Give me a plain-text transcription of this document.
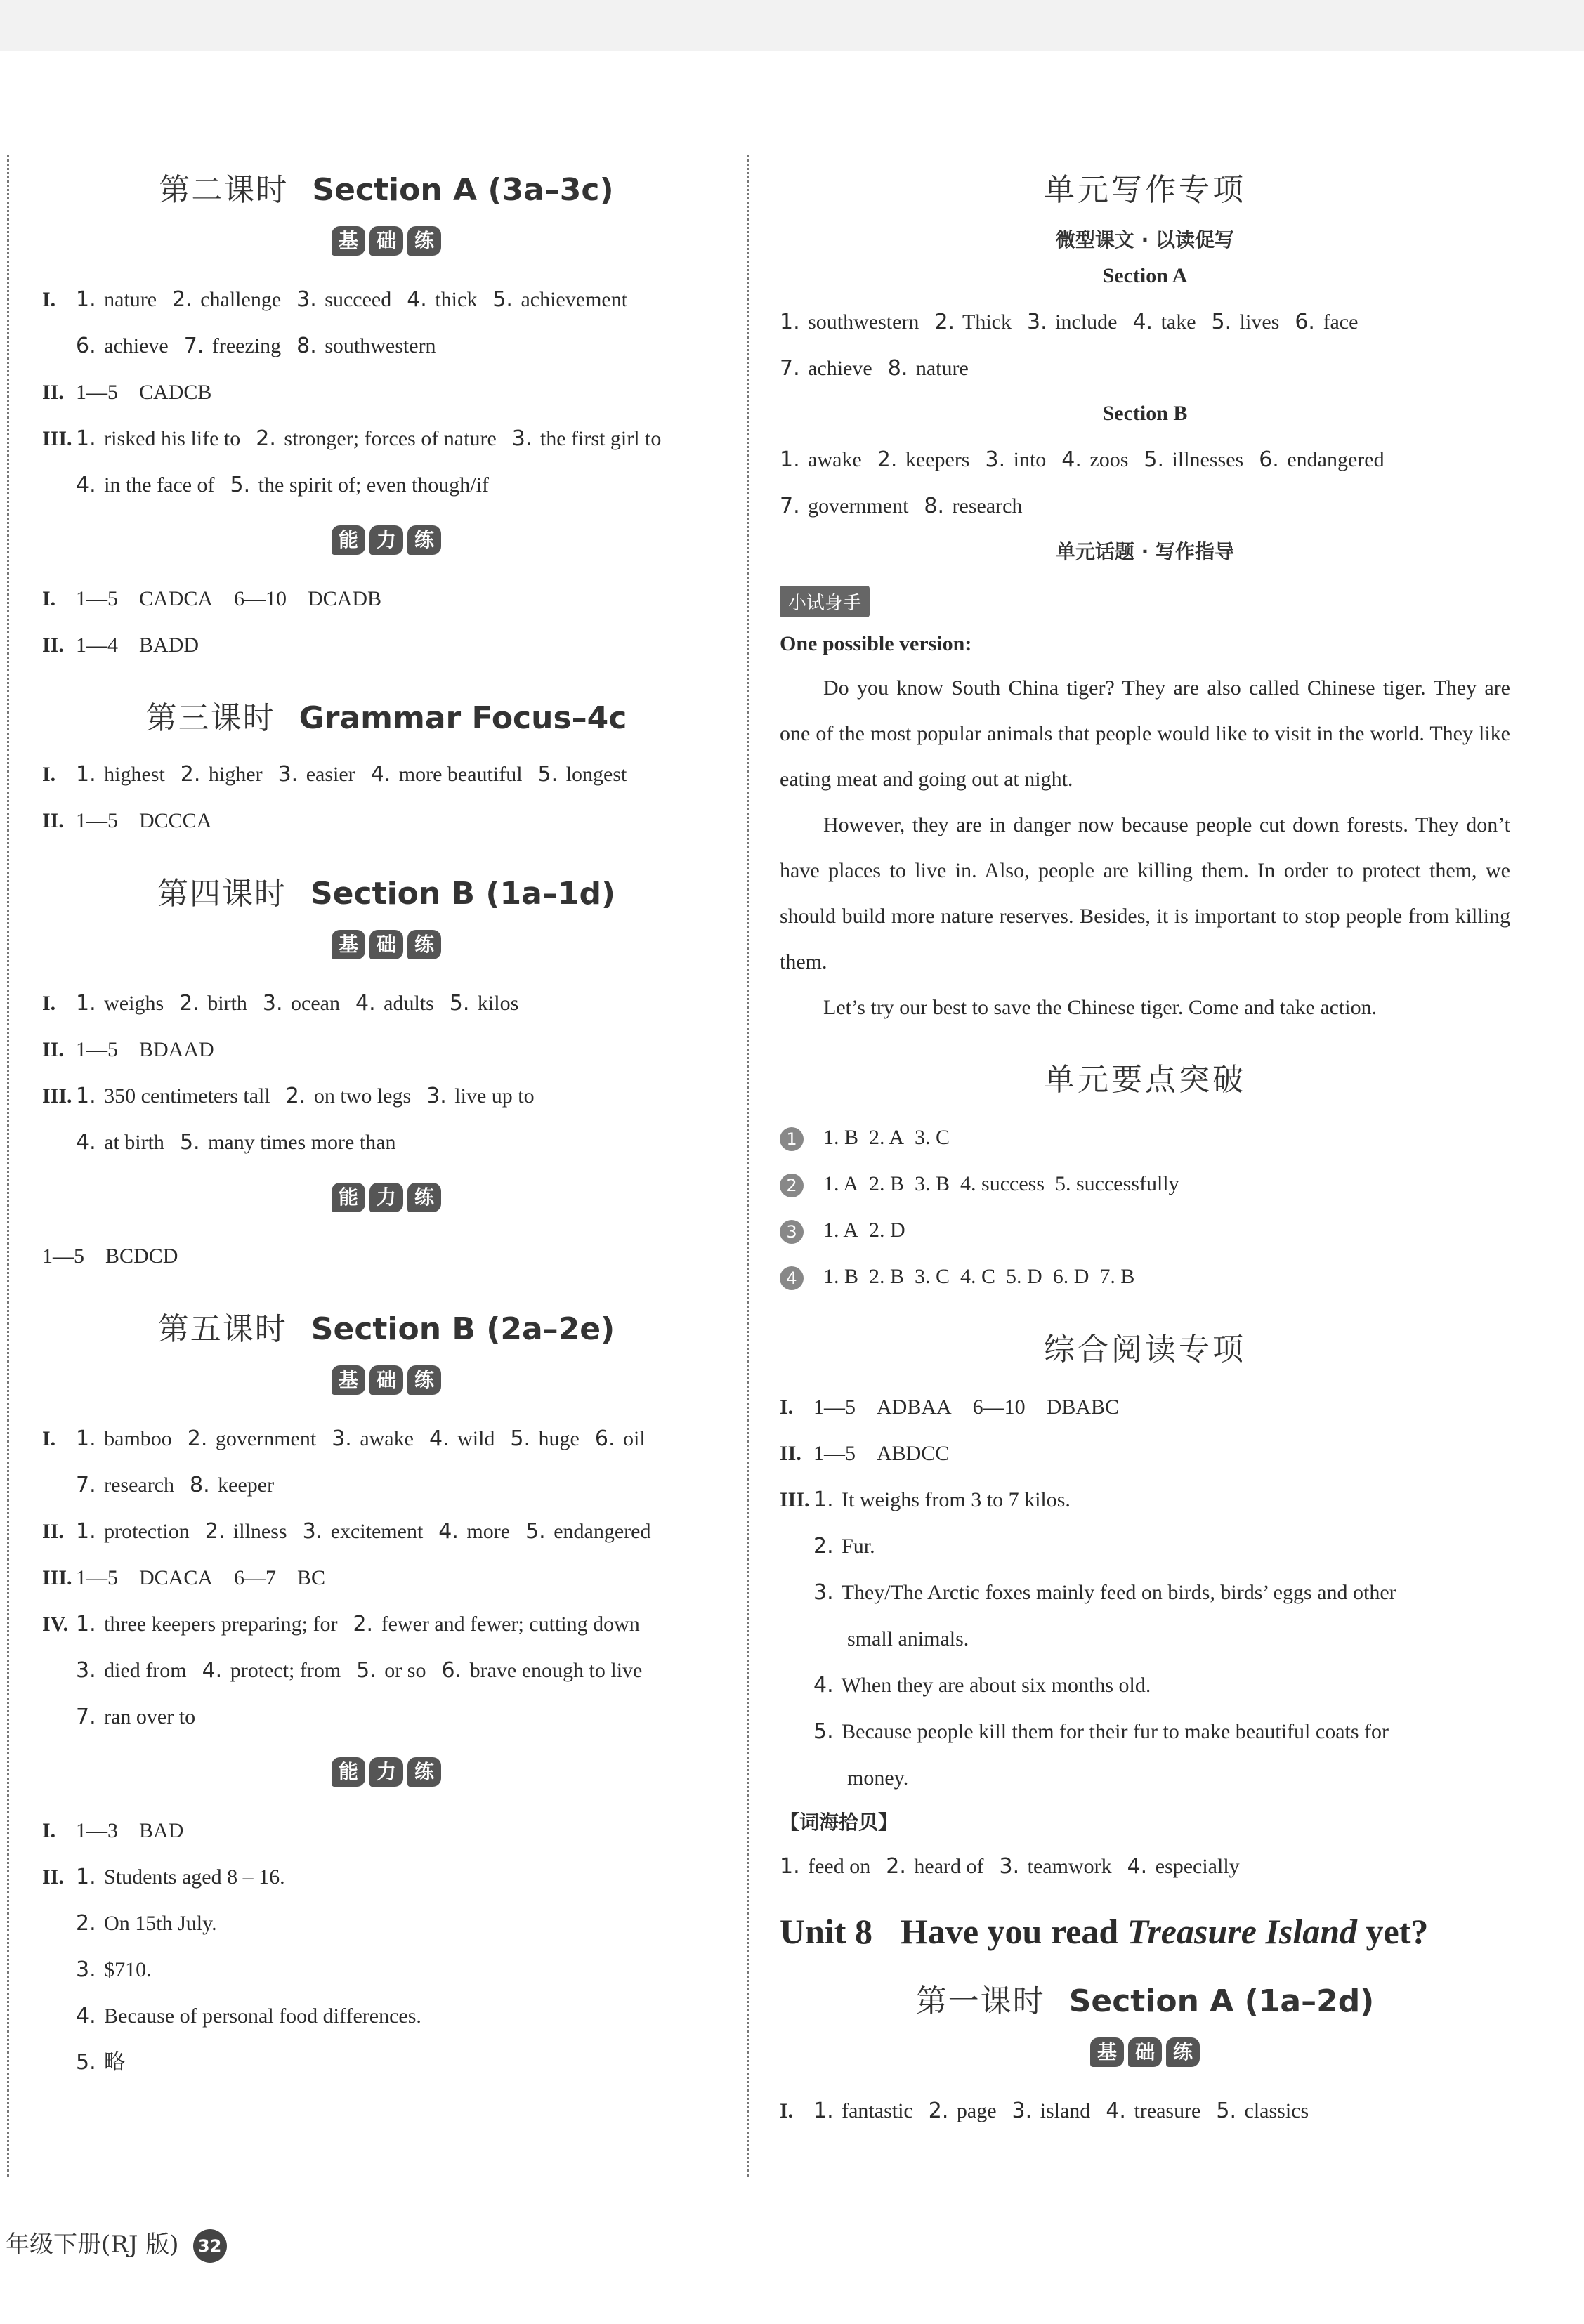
第二课时 Section A (3a–3c)
基 础 练
I. 1. nature 2. challenge 3. succeed 4. thick 5. achievement
6. achieve 7. freezing 8. southwestern
II. 1—5 CADCB
III. 1. risked his life to 2. stronger; forces of nature 3. the first girl to
4. in the face of 5. the spirit of; even though/if
能 力 练
I. 1—5 CADCA 6—10 DCADB
II. 1—4 BADD
第三课时 Grammar Focus–4c
I. 1. highest 2. higher 3. easier 4. more beautiful 5. longest
II. 1—5 DCCCA
第四课时 Section B (1a–1d)
基 础 练
I. 1. weighs 2. birth 3. ocean 4. adults 5. kilos
II. 1—5 BDAAD
III. 1. 350 centimeters tall 2. on two legs 3. live up to
4. at birth 5. many times more than
能 力 练
1—5 BCDCD
第五课时 Section B (2a–2e)
基 础 练
I. 1. bamboo 2. government 3. awake 4. wild 5. huge 6. oil
7. research 8. keeper
II. 1. protection 2. illness 3. excitement 4. more 5. endangered
III. 1—5 DCACA 6—7 BC
IV. 1. three keepers preparing; for 2. fewer and fewer; cutting down
3. died from 4. protect; from 5. or so 6. brave enough to live
7. ran over to
能 力 练
I. 1—3 BAD
II. 1. Students aged 8 – 16.
2. On 15th July.
3. $710.
4. Because of personal food differences.
5. 略
单元写作专项
微型课文 · 以读促写
Section A
1. southwestern 2. Thick 3. include 4. take 5. lives 6. face
7. achieve 8. nature
Section B
1. awake 2. keepers 3. into 4. zoos 5. illnesses 6. endangered
7. government 8. research
单元话题 · 写作指导
小试身手
One possible version:
Do you know South China tiger? They are also called Chinese tiger. They are one of the most popular animals that people would like to visit in the world. They like eating meat and going out at night.
However, they are in danger now because people cut down forests. They don’t have places to live in. Also, people are killing them. In order to protect them, we should build more nature reserves. Besides, it is important to stop people from killing them.
Let’s try our best to save the Chinese tiger. Come and take action.
单元要点突破
1 1. B 2. A 3. C
2 1. A 2. B 3. B 4. success 5. successfully
3 1. A 2. D
4 1. B 2. B 3. C 4. C 5. D 6. D 7. B
综合阅读专项
I. 1—5 ADBAA 6—10 DBABC
II. 1—5 ABDCC
III. 1. It weighs from 3 to 7 kilos.
2. Fur.
3. They/The Arctic foxes mainly feed on birds, birds’ eggs and other
small animals.
4. When they are about six months old.
5. Because people kill them for their fur to make beautiful coats for
money.
【词海拾贝】
1. feed on 2. heard of 3. teamwork 4. especially
Unit 8 Have you read Treasure Island yet?
第一课时 Section A (1a–2d)
基 础 练
I. 1. fantastic 2. page 3. island 4. treasure 5. classics
年级下册(RJ 版) 32
